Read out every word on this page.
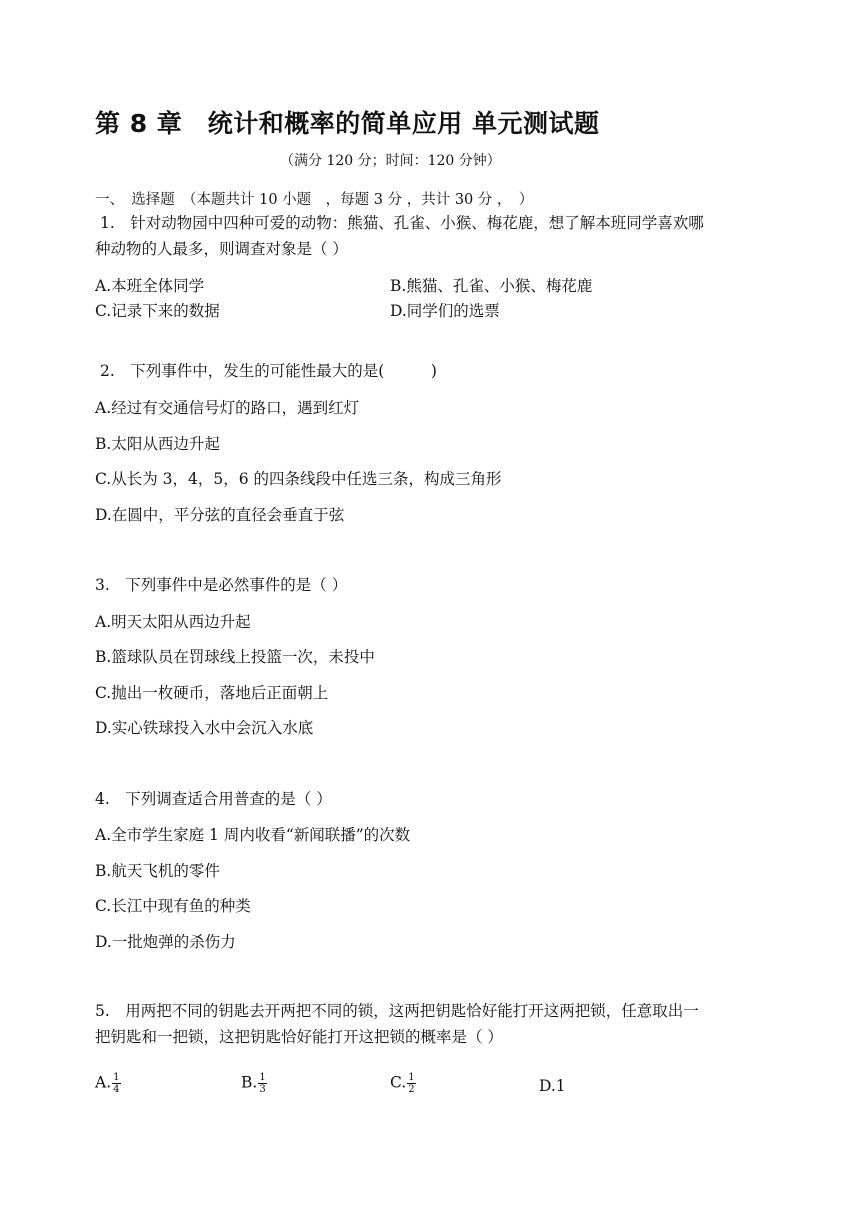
第 8 章　统计和概率的简单应用 单元测试题
（满分 120 分；时间：120 分钟）
一、　选择题　（本题共计 10 小题　，每题 3 分 ，共计 30 分 ，　）
1.　针对动物园中四种可爱的动物：熊猫、孔雀、小猴、梅花鹿，想了解本班同学喜欢哪
种动物的人最多，则调查对象是（ ）
A.本班全体同学	B.熊猫、孔雀、小猴、梅花鹿
C.记录下来的数据	D.同学们的选票
2.　下列事件中，发生的可能性最大的是(　　　)
A.经过有交通信号灯的路口，遇到红灯
B.太阳从西边升起
C.从长为 3，4，5，6 的四条线段中任选三条，构成三角形
D.在圆中，平分弦的直径会垂直于弦
3.　下列事件中是必然事件的是（ ）
A.明天太阳从西边升起
B.篮球队员在罚球线上投篮一次，未投中
C.抛出一枚硬币，落地后正面朝上
D.实心铁球投入水中会沉入水底
4.　下列调查适合用普查的是（ ）
A.全市学生家庭 1 周内收看“新闻联播”的次数
B.航天飞机的零件
C.长江中现有鱼的种类
D.一批炮弹的杀伤力
5.　用两把不同的钥匙去开两把不同的锁，这两把钥匙恰好能打开这两把锁，任意取出一
把钥匙和一把锁，这把钥匙恰好能打开这把锁的概率是（ ）
A. $\frac{1}{4}$	B. $\frac{1}{3}$	C. $\frac{1}{2}$	D.1
